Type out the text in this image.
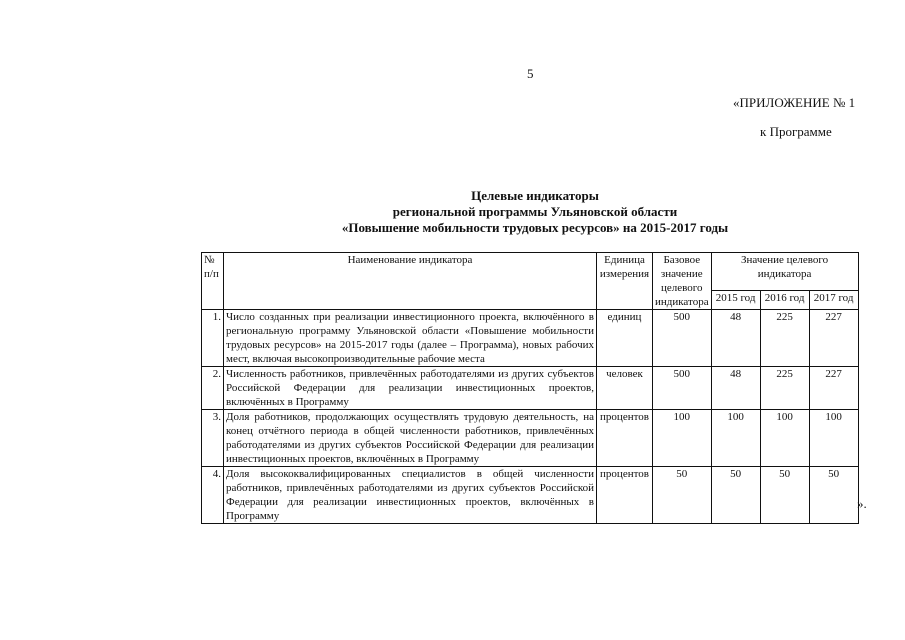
5
«ПРИЛОЖЕНИЕ № 1
к Программе
Целевые индикаторы
региональной программы Ульяновской области
«Повышение мобильности трудовых ресурсов» на 2015-2017 годы
№ п/п	Наименование индикатора	Единица измерения	Базовое значение целевого индикатора	Значение целевого индикатора		
				2015 год	2016 год	2017 год
1.	Число созданных при реализации инвестиционного проекта, включённого в региональную программу Ульяновской области «Повышение мобильности трудовых ресурсов» на 2015-2017 годы (далее – Программа), новых рабочих мест, включая высокопроизводительные рабочие места	единиц	500	48	225	227
2.	Численность работников, привлечённых работодателями из других субъектов Российской Федерации для реализации инвестиционных проектов, включённых в Программу	человек	500	48	225	227
3.	Доля работников, продолжающих осуществлять трудовую деятельность, на конец отчётного периода в общей численности работников, привлечённых работодателями из других субъектов Российской Федерации для реализации инвестиционных проектов, включённых в Программу	процентов	100	100	100	100
4.	Доля высококвалифицированных специалистов в общей численности работников, привлечённых работодателями из других субъектов Российской Федерации для реализации инвестиционных проектов, включённых в Программу	процентов	50	50	50	50
».
